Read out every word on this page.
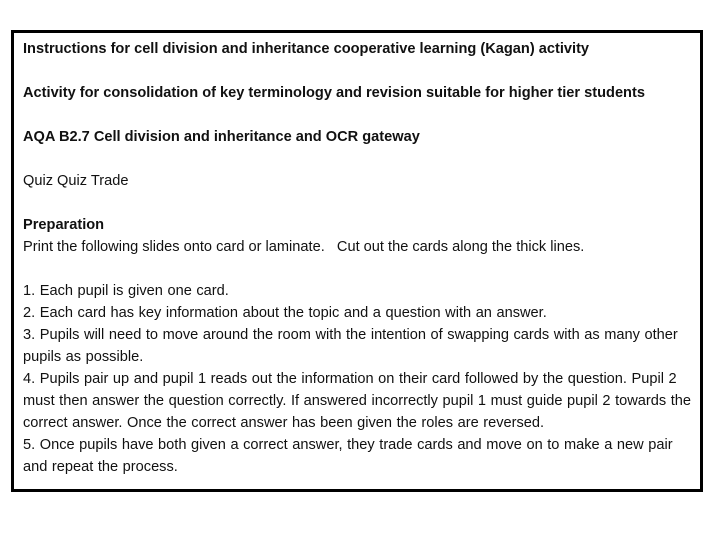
Instructions for cell division and inheritance cooperative learning (Kagan) activity

Activity for consolidation of key terminology and revision suitable for higher tier students

AQA B2.7 Cell division and inheritance and OCR gateway

Quiz Quiz Trade

Preparation

Print the following slides onto card or laminate.   Cut out the cards along the thick lines.

1. Each pupil is given one card.

2. Each card has key information about the topic and a question with an answer.

3. Pupils will need to move around the room with the intention of swapping cards with as many other pupils as possible.

4. Pupils pair up and pupil 1 reads out the information on their card followed by the question. Pupil 2 must then answer the question correctly. If answered incorrectly pupil 1 must guide pupil 2 towards the correct answer. Once the correct answer has been given the roles are reversed.

5. Once pupils have both given a correct answer, they trade cards and move on to make a new pair and repeat the process.
